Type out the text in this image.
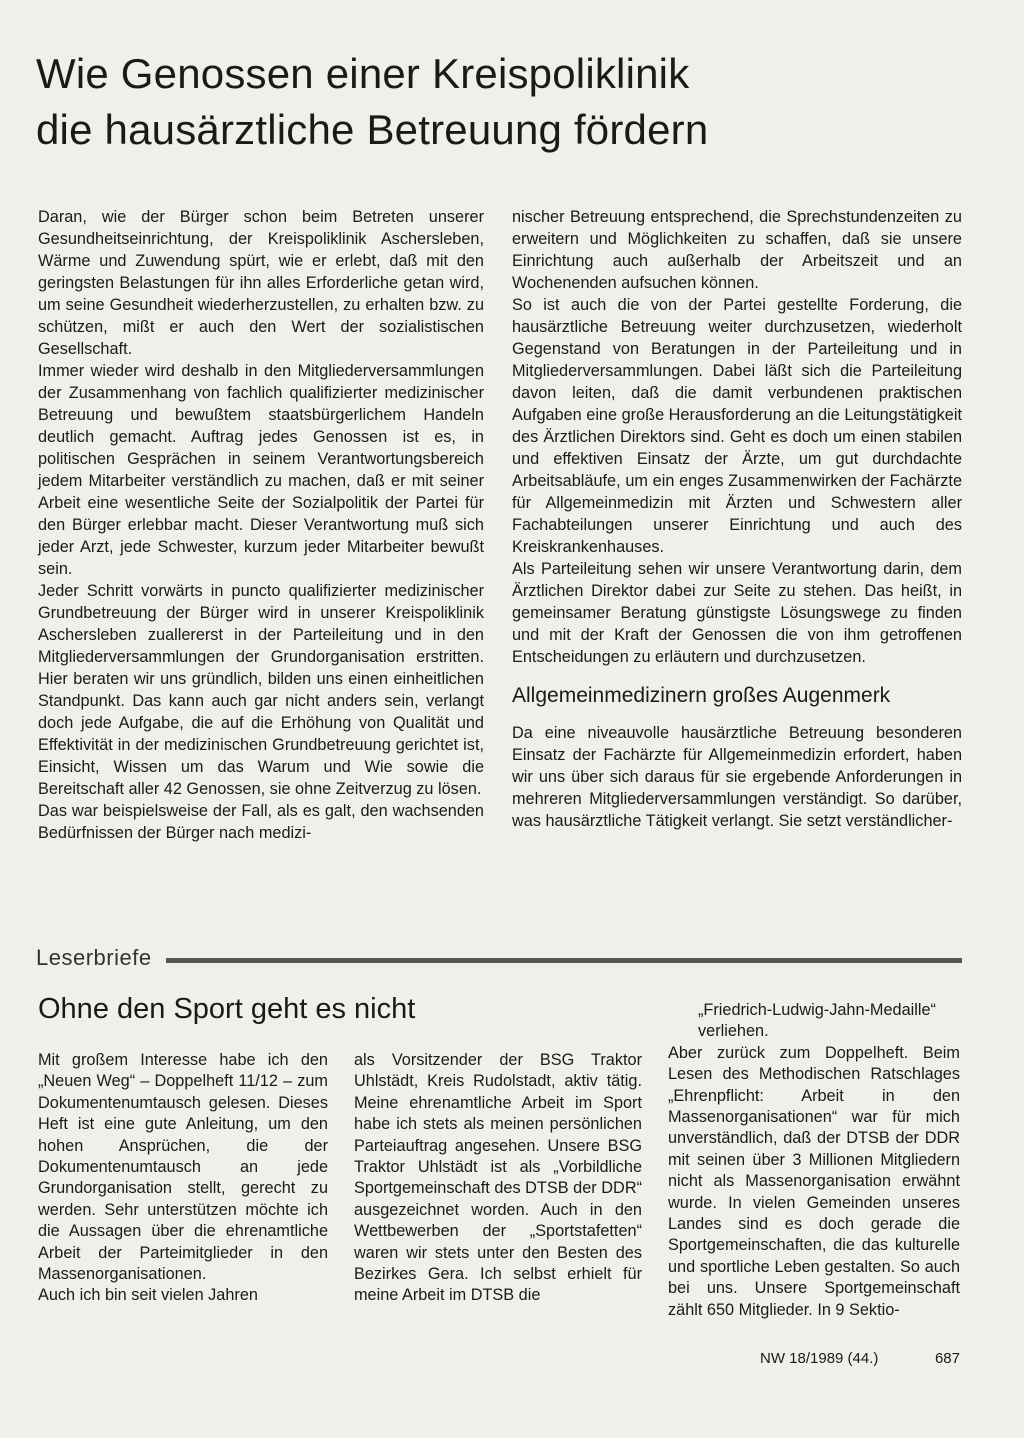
Wie Genossen einer Kreispoliklinik
die hausärztliche Betreuung fördern

Daran, wie der Bürger schon beim Betreten unserer Gesundheitseinrichtung, der Kreispoliklinik Aschersleben, Wärme und Zuwendung spürt, wie er erlebt, daß mit den geringsten Belastungen für ihn alles Erforderliche getan wird, um seine Gesundheit wiederherzustellen, zu erhalten bzw. zu schützen, mißt er auch den Wert der sozialistischen Gesellschaft.

Immer wieder wird deshalb in den Mitgliederversammlungen der Zusammenhang von fachlich qualifizierter medizinischer Betreuung und bewußtem staatsbürgerlichem Handeln deutlich gemacht. Auftrag jedes Genossen ist es, in politischen Gesprächen in seinem Verantwortungsbereich jedem Mitarbeiter verständlich zu machen, daß er mit seiner Arbeit eine wesentliche Seite der Sozialpolitik der Partei für den Bürger erlebbar macht. Dieser Verantwortung muß sich jeder Arzt, jede Schwester, kurzum jeder Mitarbeiter bewußt sein.

Jeder Schritt vorwärts in puncto qualifizierter medizinischer Grundbetreuung der Bürger wird in unserer Kreispoliklinik Aschersleben zuallererst in der Parteileitung und in den Mitgliederversammlungen der Grundorganisation erstritten. Hier beraten wir uns gründlich, bilden uns einen einheitlichen Standpunkt. Das kann auch gar nicht anders sein, verlangt doch jede Aufgabe, die auf die Erhöhung von Qualität und Effektivität in der medizinischen Grundbetreuung gerichtet ist, Einsicht, Wissen um das Warum und Wie sowie die Bereitschaft aller 42 Genossen, sie ohne Zeitverzug zu lösen.

Das war beispielsweise der Fall, als es galt, den wachsenden Bedürfnissen der Bürger nach medizi-

nischer Betreuung entsprechend, die Sprechstundenzeiten zu erweitern und Möglichkeiten zu schaffen, daß sie unsere Einrichtung auch außerhalb der Arbeitszeit und an Wochenenden aufsuchen können.

So ist auch die von der Partei gestellte Forderung, die hausärztliche Betreuung weiter durchzusetzen, wiederholt Gegenstand von Beratungen in der Parteileitung und in Mitgliederversammlungen. Dabei läßt sich die Parteileitung davon leiten, daß die damit verbundenen praktischen Aufgaben eine große Herausforderung an die Leitungstätigkeit des Ärztlichen Direktors sind. Geht es doch um einen stabilen und effektiven Einsatz der Ärzte, um gut durchdachte Arbeitsabläufe, um ein enges Zusammenwirken der Fachärzte für Allgemeinmedizin mit Ärzten und Schwestern aller Fachabteilungen unserer Einrichtung und auch des Kreiskrankenhauses.

Als Parteileitung sehen wir unsere Verantwortung darin, dem Ärztlichen Direktor dabei zur Seite zu stehen. Das heißt, in gemeinsamer Beratung günstigste Lösungswege zu finden und mit der Kraft der Genossen die von ihm getroffenen Entscheidungen zu erläutern und durchzusetzen.

Allgemeinmedizinern großes Augenmerk

Da eine niveauvolle hausärztliche Betreuung besonderen Einsatz der Fachärzte für Allgemeinmedizin erfordert, haben wir uns über sich daraus für sie ergebende Anforderungen in mehreren Mitgliederversammlungen verständigt. So darüber, was hausärztliche Tätigkeit verlangt. Sie setzt verständlicher-

Leserbriefe
Ohne den Sport geht es nicht

Mit großem Interesse habe ich den „Neuen Weg“ – Doppelheft 11/12 – zum Dokumentenumtausch gelesen. Dieses Heft ist eine gute Anleitung, um den hohen Ansprüchen, die der Dokumentenumtausch an jede Grundorganisation stellt, gerecht zu werden. Sehr unterstützen möchte ich die Aussagen über die ehrenamtliche Arbeit der Parteimitglieder in den Massenorganisationen.

Auch ich bin seit vielen Jahren

als Vorsitzender der BSG Traktor Uhlstädt, Kreis Rudolstadt, aktiv tätig. Meine ehrenamtliche Arbeit im Sport habe ich stets als meinen persönlichen Parteiauftrag angesehen. Unsere BSG Traktor Uhlstädt ist als „Vorbildliche Sportgemeinschaft des DTSB der DDR“ ausgezeichnet worden. Auch in den Wettbewerben der „Sportstafetten“ waren wir stets unter den Besten des Bezirkes Gera. Ich selbst erhielt für meine Arbeit im DTSB die

„Friedrich-Ludwig-Jahn-Medaille“ verliehen.

Aber zurück zum Doppelheft. Beim Lesen des Methodischen Ratschlages „Ehrenpflicht: Arbeit in den Massenorganisationen“ war für mich unverständlich, daß der DTSB der DDR mit seinen über 3 Millionen Mitgliedern nicht als Massenorganisation erwähnt wurde. In vielen Gemeinden unseres Landes sind es doch gerade die Sportgemeinschaften, die das kulturelle und sportliche Leben gestalten. So auch bei uns. Unsere Sportgemeinschaft zählt 650 Mitglieder. In 9 Sektio-

NW 18/1989 (44.)	687
